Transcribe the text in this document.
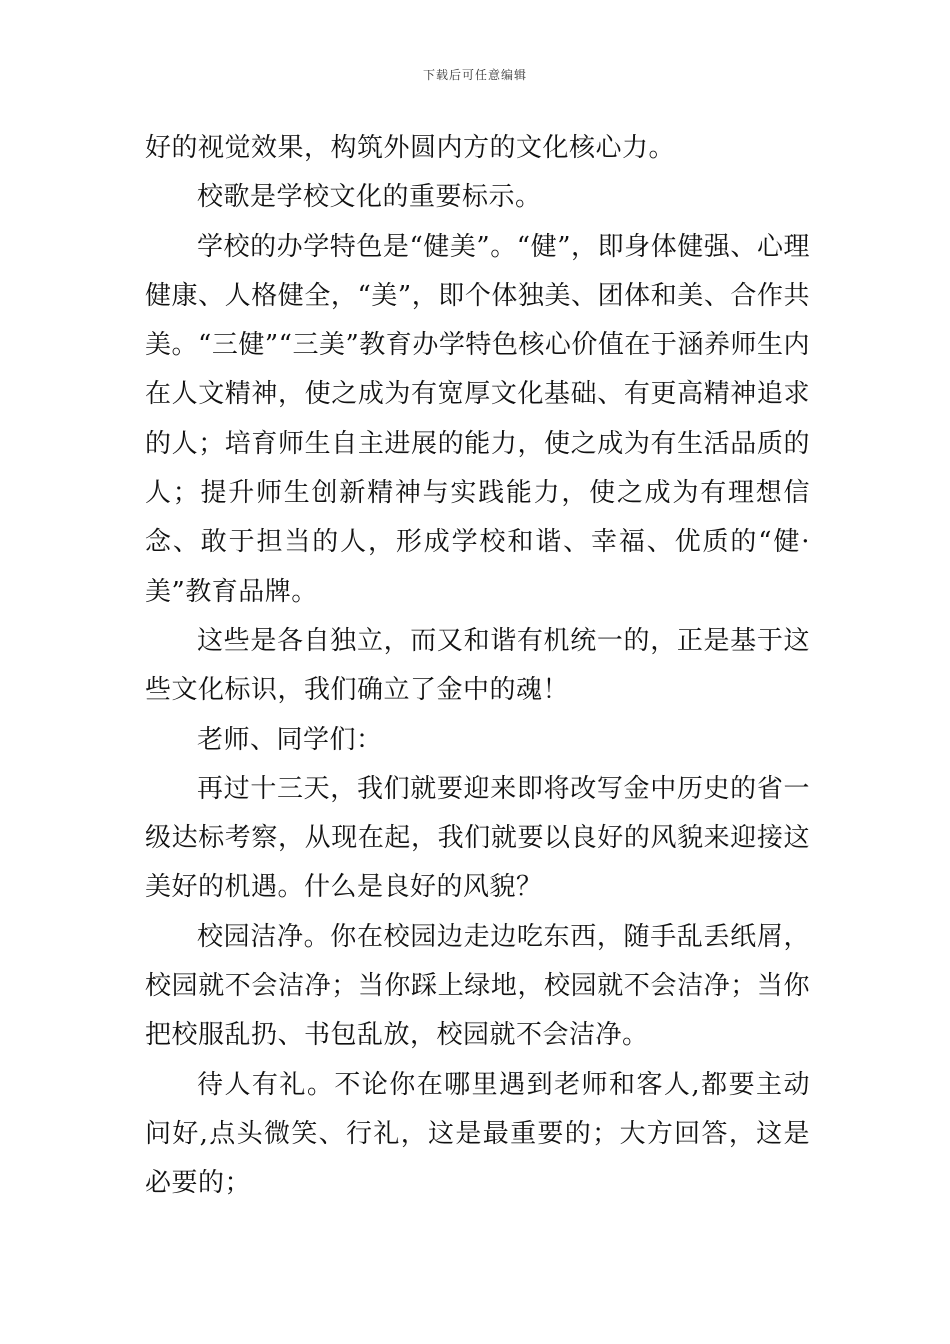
下载后可任意编辑

好的视觉效果，构筑外圆内方的文化核心力。

校歌是学校文化的重要标示。

学校的办学特色是“健美”。“健”，即身体健强、心理健康、人格健全，“美”，即个体独美、团体和美、合作共美。“三健”“三美”教育办学特色核心价值在于涵养师生内在人文精神，使之成为有宽厚文化基础、有更高精神追求的人；培育师生自主进展的能力，使之成为有生活品质的人；提升师生创新精神与实践能力，使之成为有理想信念、敢于担当的人，形成学校和谐、幸福、优质的“健·美”教育品牌。

这些是各自独立，而又和谐有机统一的，正是基于这些文化标识，我们确立了金中的魂！

老师、同学们：

再过十三天，我们就要迎来即将改写金中历史的省一级达标考察，从现在起，我们就要以良好的风貌来迎接这美好的机遇。什么是良好的风貌？

校园洁净。你在校园边走边吃东西，随手乱丢纸屑，校园就不会洁净；当你踩上绿地，校园就不会洁净；当你把校服乱扔、书包乱放，校园就不会洁净。

待人有礼。不论你在哪里遇到老师和客人,都要主动问好,点头微笑、行礼，这是最重要的；大方回答，这是必要的；
